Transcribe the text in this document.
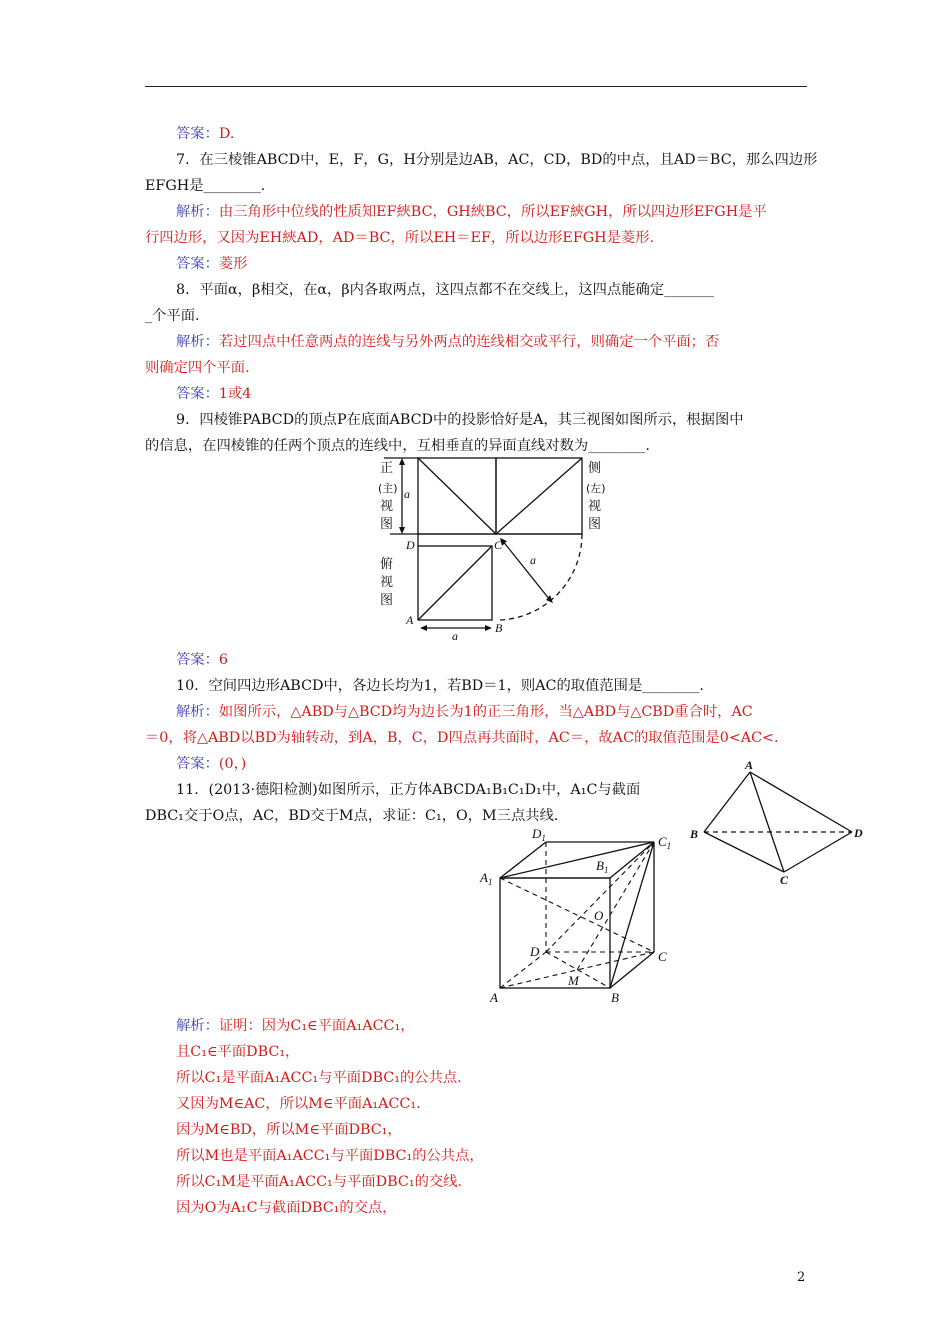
答案：D.
7．在三棱锥ABCD中，E，F，G，H分别是边AB，AC，CD，BD的中点，且AD＝BC，那么四边形
EFGH是________.
解析：由三角形中位线的性质知EF綊BC，GH綊BC，所以EF綊GH，所以四边形EFGH是平
行四边形，又因为EH綊AD，AD＝BC，所以EH＝EF，所以边形EFGH是菱形.
答案：菱形
8．平面α，β相交，在α，β内各取两点，这四点都不在交线上，这四点能确定_______
_个平面.
解析：若过四点中任意两点的连线与另外两点的连线相交或平行，则确定一个平面；否
则确定四个平面.
答案：1或4
9．四棱锥PABCD的顶点P在底面ABCD中的投影恰好是A，其三视图如图所示，根据图中
的信息，在四棱锥的任两个顶点的连线中，互相垂直的异面直线对数为________.
答案：6
10．空间四边形ABCD中，各边长均为1，若BD＝1，则AC的取值范围是________.
解析：如图所示，△ABD与△BCD均为边长为1的正三角形，当△ABD与△CBD重合时，AC
＝0，将△ABD以BD为轴转动，到A，B，C，D四点再共面时，AC＝，故AC的取值范围是0<AC<.
答案：(0，)
11．(2013·德阳检测)如图所示，正方体ABCDA₁B₁C₁D₁中，A₁C与截面
DBC₁交于O点，AC，BD交于M点，求证：C₁，O，M三点共线.
解析：证明：因为C₁∈平面A₁ACC₁，
且C₁∈平面DBC₁，
所以C₁是平面A₁ACC₁与平面DBC₁的公共点.
又因为M∈AC，所以M∈平面A₁ACC₁.
因为M∈BD，所以M∈平面DBC₁，
所以M也是平面A₁ACC₁与平面DBC₁的公共点，
所以C₁M是平面A₁ACC₁与平面DBC₁的交线.
因为O为A₁C与截面DBC₁的交点，
正
(主)
视
图
侧
(左)
视
图
俯
视
图
a
a
a
D	C
A
B
A
B	D
C
$D_1$	$C_1$
$B_1$
$A_1$
O
D	C
M
A	B
2
